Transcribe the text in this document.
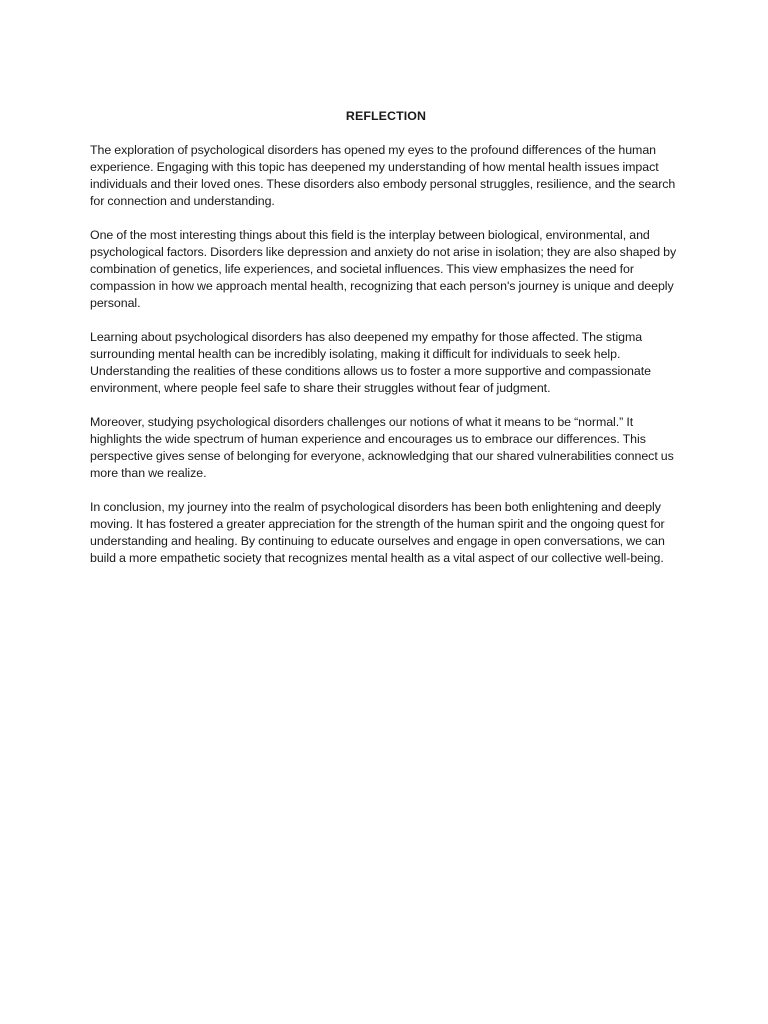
REFLECTION

The exploration of psychological disorders has opened my eyes to the profound differences of the human experience. Engaging with this topic has deepened my understanding of how mental health issues impact individuals and their loved ones. These disorders also embody personal struggles, resilience, and the search for connection and understanding.

One of the most interesting things about this field is the interplay between biological, environmental, and psychological factors. Disorders like depression and anxiety do not arise in isolation; they are also shaped by combination of genetics, life experiences, and societal influences. This view emphasizes the need for compassion in how we approach mental health, recognizing that each person's journey is unique and deeply personal.

Learning about psychological disorders has also deepened my empathy for those affected. The stigma surrounding mental health can be incredibly isolating, making it difficult for individuals to seek help. Understanding the realities of these conditions allows us to foster a more supportive and compassionate environment, where people feel safe to share their struggles without fear of judgment.

Moreover, studying psychological disorders challenges our notions of what it means to be “normal.” It highlights the wide spectrum of human experience and encourages us to embrace our differences. This perspective gives sense of belonging for everyone, acknowledging that our shared vulnerabilities connect us more than we realize.

In conclusion, my journey into the realm of psychological disorders has been both enlightening and deeply moving. It has fostered a greater appreciation for the strength of the human spirit and the ongoing quest for understanding and healing. By continuing to educate ourselves and engage in open conversations, we can build a more empathetic society that recognizes mental health as a vital aspect of our collective well-being.
